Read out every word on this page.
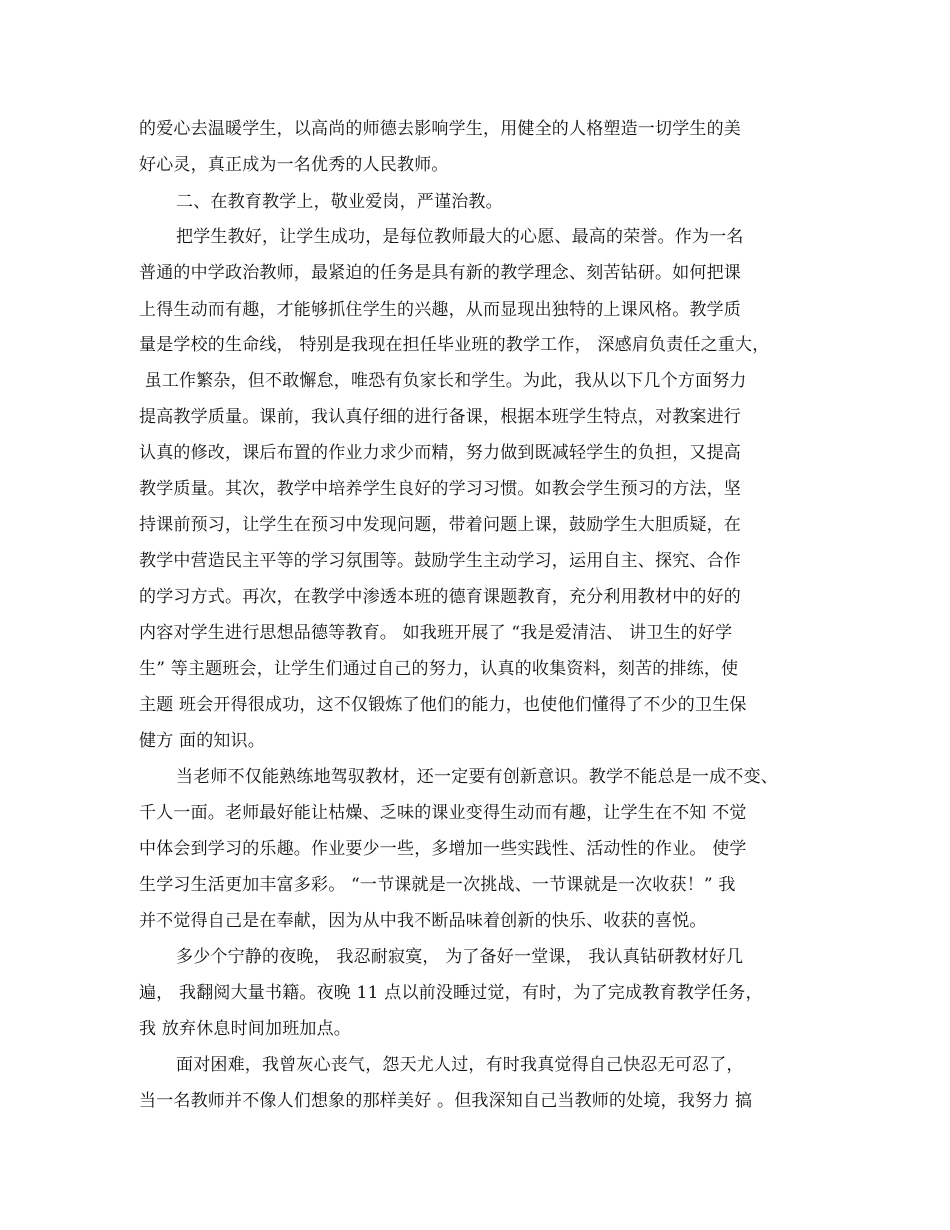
的爱心去温暖学生，以高尚的师德去影响学生，用健全的人格塑造一切学生的美
好心灵，真正成为一名优秀的人民教师。
二、在教育教学上，敬业爱岗，严谨治教。
把学生教好，让学生成功，是每位教师最大的心愿、最高的荣誉。作为一名
普通的中学政治教师，最紧迫的任务是具有新的教学理念、刻苦钻研。如何把课
上得生动而有趣，才能够抓住学生的兴趣，从而显现出独特的上课风格。教学质
量是学校的生命线， 特别是我现在担任毕业班的教学工作， 深感肩负责任之重大，
虽工作繁杂，但不敢懈怠，唯恐有负家长和学生。为此，我从以下几个方面努力
提高教学质量。课前，我认真仔细的进行备课，根据本班学生特点，对教案进行
认真的修改，课后布置的作业力求少而精，努力做到既减轻学生的负担，又提高
教学质量。其次，教学中培养学生良好的学习习惯。如教会学生预习的方法，坚
持课前预习，让学生在预习中发现问题，带着问题上课，鼓励学生大胆质疑，在
教学中营造民主平等的学习氛围等。鼓励学生主动学习，运用自主、探究、合作
的学习方式。再次，在教学中渗透本班的德育课题教育，充分利用教材中的好的
内容对学生进行思想品德等教育。 如我班开展了 “我是爱清洁、 讲卫生的好学
生” 等主题班会，让学生们通过自己的努力，认真的收集资料，刻苦的排练，使
主题 班会开得很成功，这不仅锻炼了他们的能力，也使他们懂得了不少的卫生保
健方 面的知识。
当老师不仅能熟练地驾驭教材，还一定要有创新意识。教学不能总是一成不变、
千人一面。老师最好能让枯燥、乏味的课业变得生动而有趣，让学生在不知 不觉
中体会到学习的乐趣。作业要少一些，多增加一些实践性、活动性的作业。 使学
生学习生活更加丰富多彩。 “一节课就是一次挑战、一节课就是一次收获！” 我
并不觉得自己是在奉献，因为从中我不断品味着创新的快乐、收获的喜悦。
多少个宁静的夜晚， 我忍耐寂寞， 为了备好一堂课， 我认真钻研教材好几
遍， 我翻阅大量书籍。夜晚 11 点以前没睡过觉，有时，为了完成教育教学任务，
我 放弃休息时间加班加点。
面对困难，我曾灰心丧气，怨天尤人过，有时我真觉得自己快忍无可忍了，
当一名教师并不像人们想象的那样美好 。但我深知自己当教师的处境，我努力 搞
